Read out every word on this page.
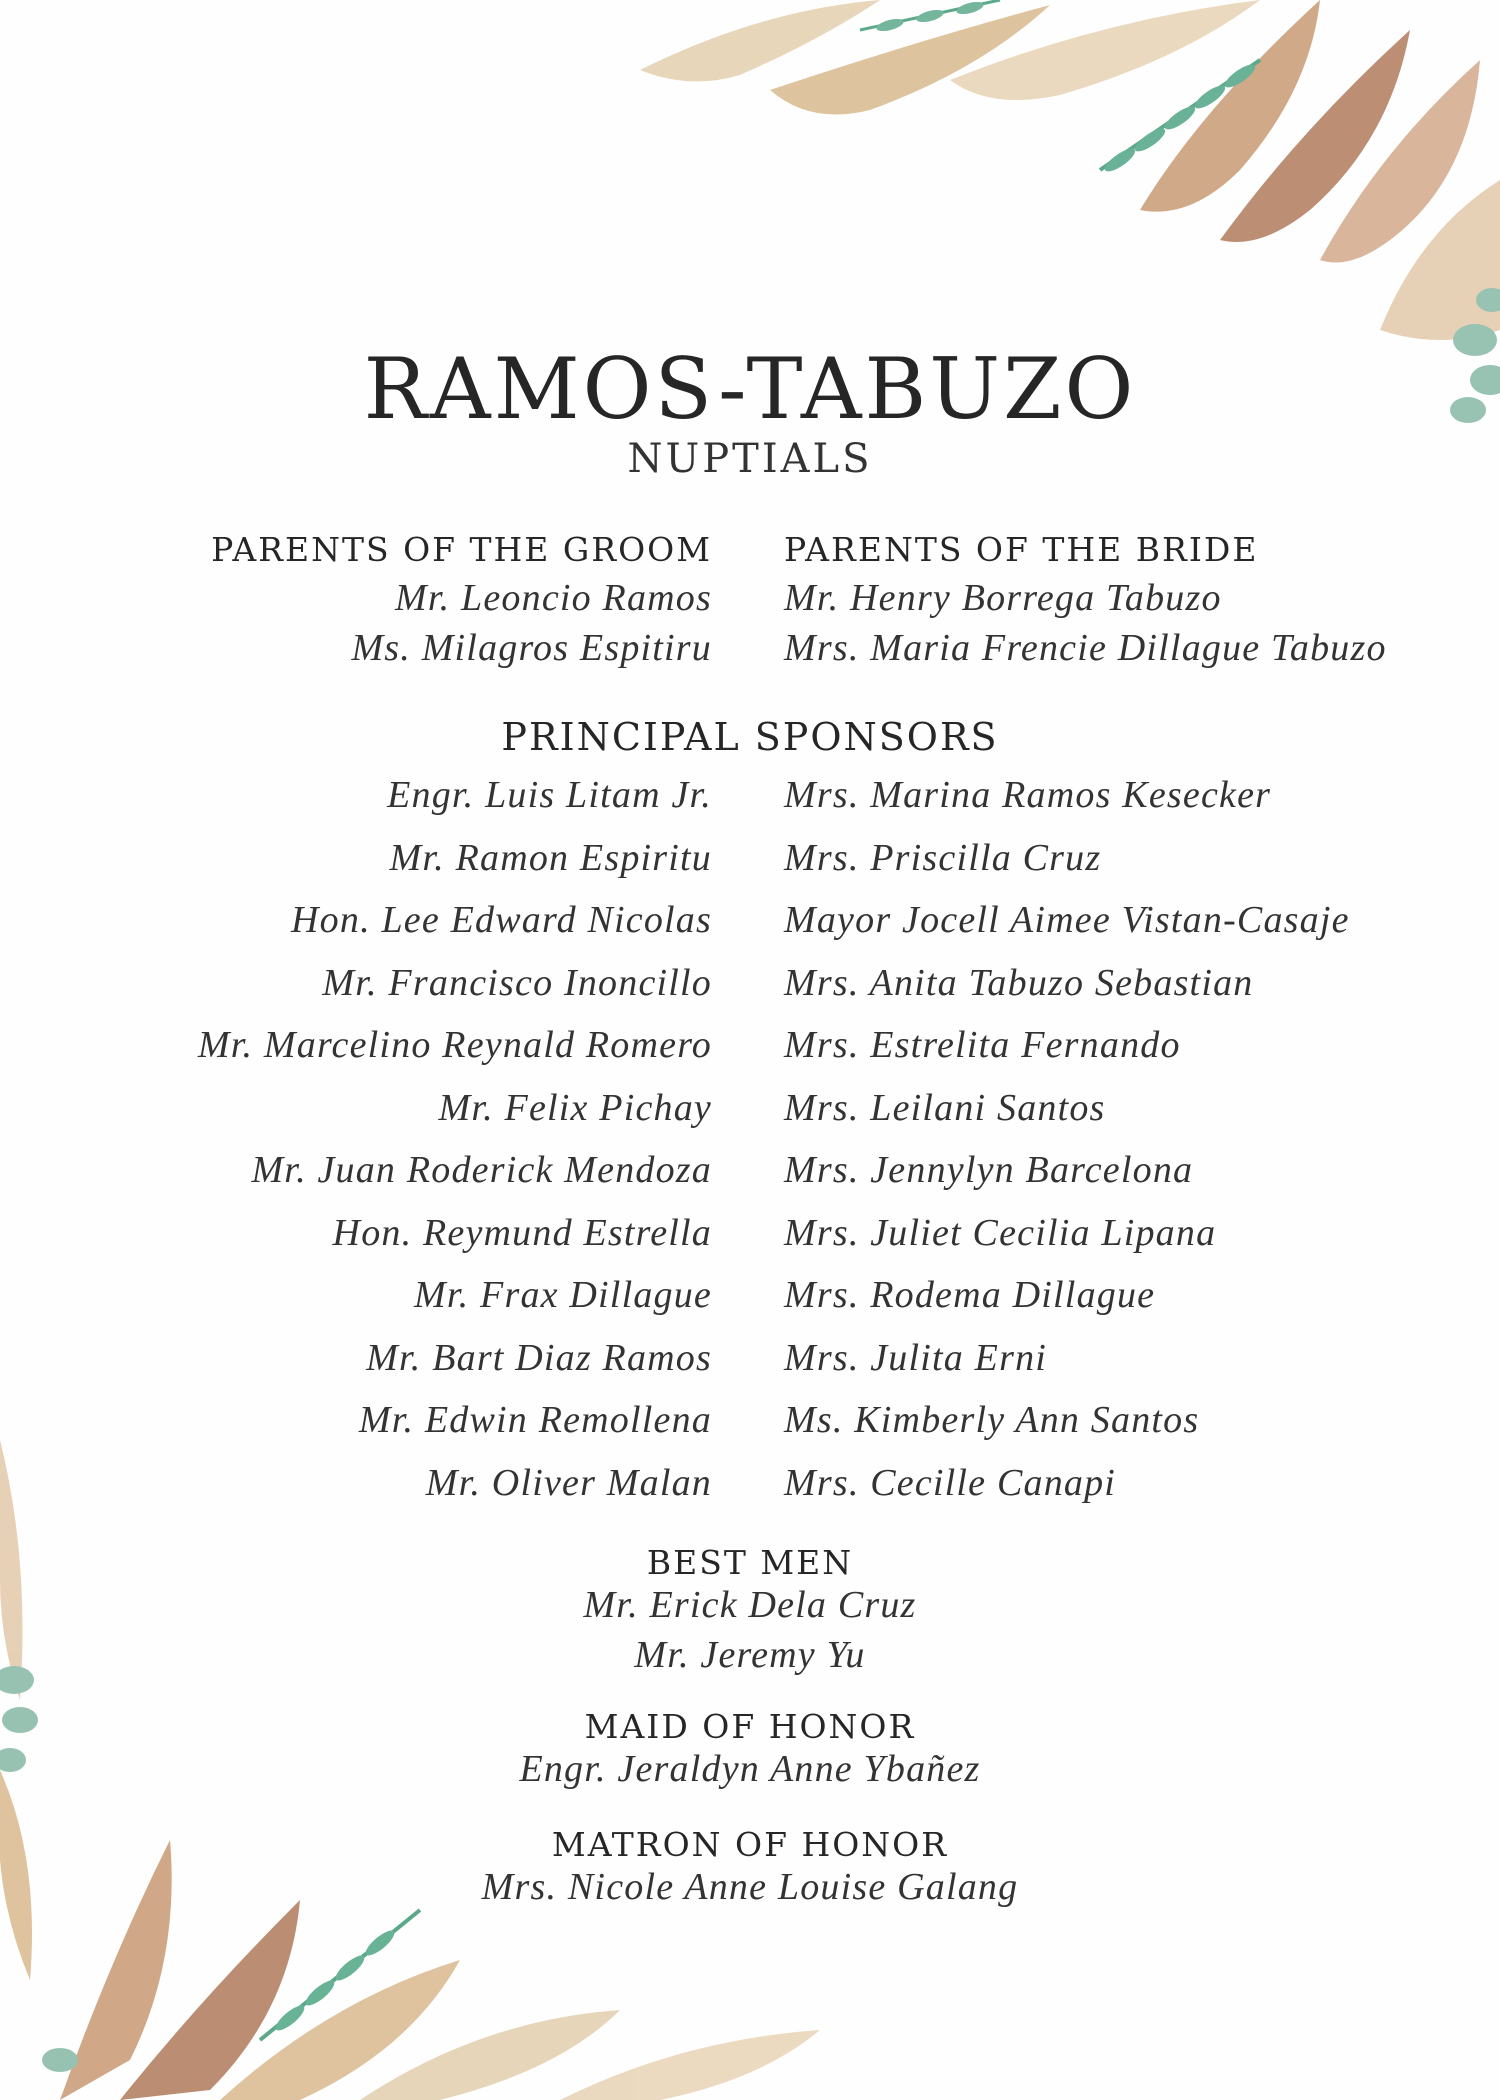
RAMOS-TABUZO
NUPTIALS
PARENTS OF THE GROOM
Mr. Leoncio Ramos
Ms. Milagros Espitiru
PARENTS OF THE BRIDE
Mr. Henry Borrega Tabuzo
Mrs. Maria Frencie Dillague Tabuzo
PRINCIPAL SPONSORS
Engr. Luis Litam Jr.
Mr. Ramon Espiritu
Hon. Lee Edward Nicolas
Mr. Francisco Inoncillo
Mr. Marcelino Reynald Romero
Mr. Felix Pichay
Mr. Juan Roderick Mendoza
Hon. Reymund Estrella
Mr. Frax Dillague
Mr. Bart Diaz Ramos
Mr. Edwin Remollena
Mr. Oliver Malan
Mrs. Marina Ramos Kesecker
Mrs. Priscilla Cruz
Mayor Jocell Aimee Vistan-Casaje
Mrs. Anita Tabuzo Sebastian
Mrs. Estrelita Fernando
Mrs. Leilani Santos
Mrs. Jennylyn Barcelona
Mrs. Juliet Cecilia Lipana
Mrs. Rodema Dillague
Mrs. Julita Erni
Ms. Kimberly Ann Santos
Mrs. Cecille Canapi
BEST MEN
Mr. Erick Dela Cruz
Mr. Jeremy Yu
MAID OF HONOR
Engr. Jeraldyn Anne Ybañez
MATRON OF HONOR
Mrs. Nicole Anne Louise Galang
